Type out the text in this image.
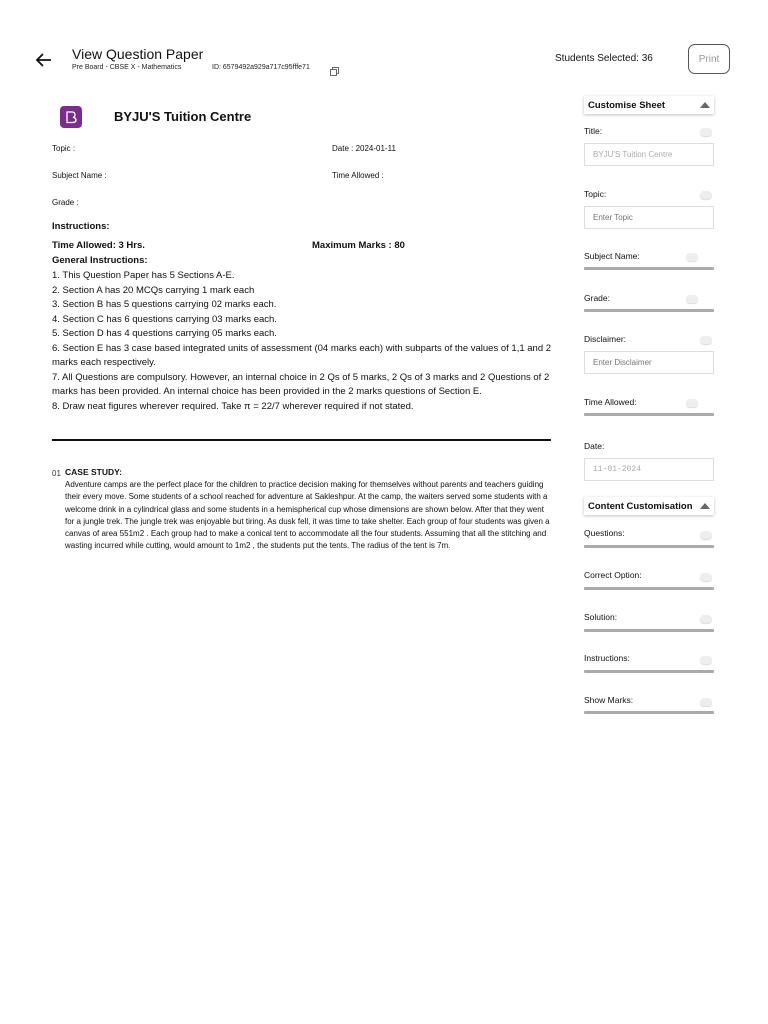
View Question Paper
Pre Board - CBSE X - Mathematics	ID: 6579492a929a717c95fffe71
Students Selected: 36	Print
BYJU'S Tuition Centre
Topic :	Date : 2024-01-11
Subject Name :	Time Allowed :
Grade :
Instructions:
Time Allowed: 3 Hrs.	Maximum Marks : 80
General Instructions:
1. This Question Paper has 5 Sections A-E.
2. Section A has 20 MCQs carrying 1 mark each
3. Section B has 5 questions carrying 02 marks each.
4. Section C has 6 questions carrying 03 marks each.
5. Section D has 4 questions carrying 05 marks each.
6. Section E has 3 case based integrated units of assessment (04 marks each) with subparts of the values of 1,1 and 2 marks each respectively.
7. All Questions are compulsory. However, an internal choice in 2 Qs of 5 marks, 2 Qs of 3 marks and 2 Questions of 2 marks has been provided. An internal choice has been provided in the 2 marks questions of Section E.
8. Draw neat figures wherever required. Take π = 22/7 wherever required if not stated.
01 CASE STUDY:
Adventure camps are the perfect place for the children to practice decision making for themselves without parents and teachers guiding their every move. Some students of a school reached for adventure at Sakleshpur. At the camp, the waiters served some students with a welcome drink in a cylindrical glass and some students in a hemispherical cup whose dimensions are shown below. After that they went for a jungle trek. The jungle trek was enjoyable but tiring. As dusk fell, it was time to take shelter. Each group of four students was given a canvas of area 551m2 . Each group had to make a conical tent to accommodate all the four students. Assuming that all the stitching and wasting incurred while cutting, would amount to 1m2 , the students put the tents. The radius of the tent is 7m.
Customise Sheet
Title:
BYJU'S Tuition Centre
Topic:
Enter Topic
Subject Name:
Grade:
Disclaimer:
Enter Disclaimer
Time Allowed:
Date:
11-01-2024
Content Customisation
Questions:
Correct Option:
Solution:
Instructions:
Show Marks:
